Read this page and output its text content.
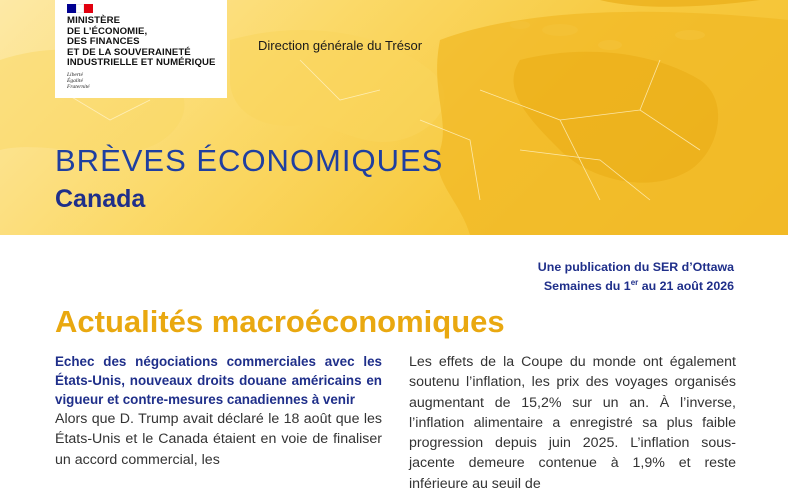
MINISTÈRE
DE L’ÉCONOMIE,
DES FINANCES
ET DE LA SOUVERAINETÉ
INDUSTRIELLE ET NUMÉRIQUE
Liberté
Égalité
Fraternité
Direction générale du Trésor
BRÈVES ÉCONOMIQUES
Canada
Une publication du SER d’Ottawa
Semaines du 1er au 21 août 2026
Actualités macroéconomiques
Echec des négociations commerciales avec les États-Unis, nouveaux droits douane américains en vigueur et contre-mesures canadiennes à venir

Alors que D. Trump avait déclaré le 18 août que les États-Unis et le Canada étaient en voie de finaliser un accord commercial, les

Les effets de la Coupe du monde ont également soutenu l’inflation, les prix des voyages organisés augmentant de 15,2% sur un an. À l’inverse, l’inflation alimentaire a enregistré sa plus faible progression depuis juin 2025. L’inflation sous-jacente demeure contenue à 1,9% et reste inférieure au seuil de
